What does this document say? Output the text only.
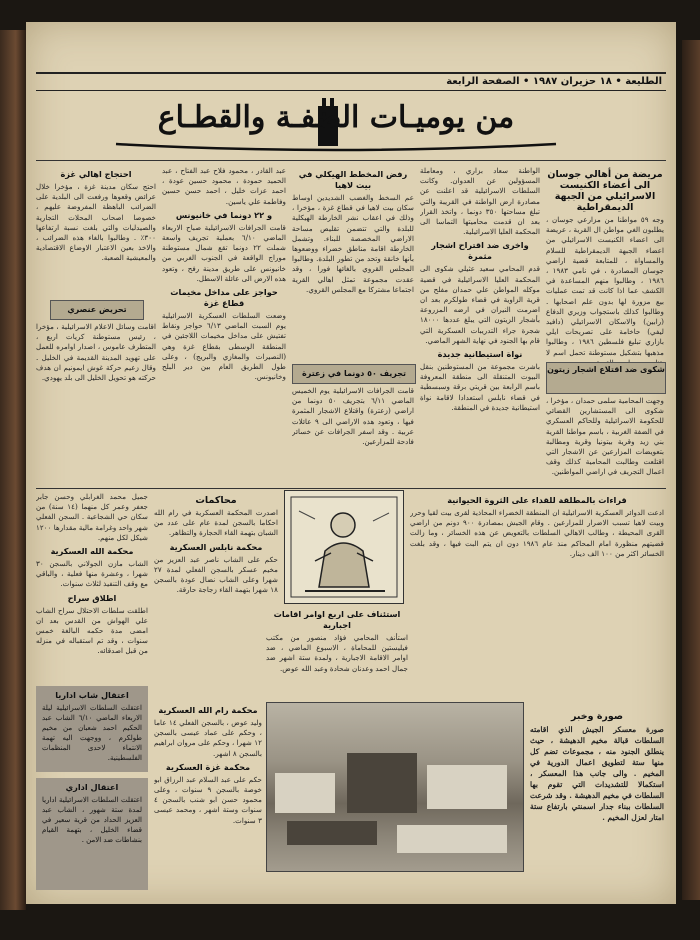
الطليعة • ١٨ حزيران ١٩٨٧ • الصفحة الرابعة
من يوميـات الضفـة والقطـاع
مريضة من أهالي جوسان الى أعضاء الكنيست الاسرائيلي من الجبهة الديمقراطية
وجه ٥٩ مواطنا من مزارعي جوسان ، يطلبون الغي مواطن ال القرية ، عريضة الى اعضاء الكنيست الاسرائيلي من اعضاء الجبهة الديمقراطية للسلام والمساواة ، للمتابعة قضية اراضي جوسان المصادرة ، في نامي ١٩٨٣ ، ١٩٨٦ ، وطالبوا منهم المساعدة في الكشف عما اذا كانت قد تمت عمليات بيع مزورة لها بدون علم اصحابها . وطالبوا كذلك باستجواب وزيري الدفاع (رابين) والاسكان الاسرائيلي (دافيد ليفي) حاخامة على تصريحات ايلي بازاري تبليغ فلسطين ١٩٨٦ ، وطالبوا مذهبها بتشكيل مستوطنة تحمل اسم لا
شكوى ضد اقتلاع اشجار زيتون
وجهت المحامية سلمى حمدان ، مؤخرا ، شكوى الى المستشارين القضائي للحكومة الاسرائيلية وللحاكم العسكري في الضفة الغربية ، باسم مواطنا القرية بني زيد وقرية بيتونيا وقرية ومطالبة بتعويضات المزارعين عن الاشجار التي اقتلعت وطالبت المحامية كذلك وقف اعمال التجريف في اراضي المواطنين.
الواطنة سعاد بزاري ، ومعاملة المسؤولين عن العدوان. وكانت السلطات الاسرائيلية قد اعلنت عن مصادرة ارض الواطنة في القريبة والتي تبلغ مساحتها ٣٥٠ دونما ، واتخذ القرار بعد ان قدمت محاميتها التماسا الى المحكمة العليا الاسرائيلية.
واخرى ضد اقتراح اشجار مثمرة
قدم المحامي سعيد عثيلي شكوى الى المحكمة العليا الاسرائيلية في قضية موكله المواطن علي حمدان مفلح من قرية الزاوية في قضاء طولكرم بعد ان اضرمت النيران في ارضه المزروعة بأشجار الزيتون التي يبلغ عددها ١٨٠٠٠ شجرة جراء التدريبات العسكرية التي قام بها الجنود في نهاية الشهر الماضي.
نواة استيطانية جديدة
باشرت مجموعة من المستوطنين بنقل البيوت المتنقلة الى منطقة المعروفة باسم الرابعة بين قريتي برقة وسبسطية في قضاء نابلس استعدادا لاقامة نواة استيطانية جديدة في المنطقة.
رفض المخطط الهيكلي في بيت لاهيا
عم السخط والغضب الشديدين اوساط سكان بيت لاهيا في قطاع غزة ، مؤخرا ، وذلك في اعقاب نشر الخارطة الهيكلية للبلدة والتي تتضمن تقليص مساحة الاراضي المخصصة للبناء. وتشمل الخارطة اقامة مناطق خضراء ووضعوها بأنها خانقة وتحد من تطور البلدة. وطالبوا المجلس القروي بالغائها فورا ، وقد عقدت مجموعة تمثل اهالي القرية اجتماعا مشتركا مع المجلس القروي.
تجريف ٥٠ دونما في زعترة
قامت الجرافات الاسرائيلية يوم الخميس الماضي ٦/١١ بتجريف ٥٠ دونما من اراضي (زعترة) واقتلاع الاشجار المثمرة فيها ، وتعود هذه الاراضي الى ٩ عائلات عربية . وقد اسفر الجرافات عن خسائر فادحة للمزارعين.
عبد القادر ، محمود فلاح عبد الفتاح ، عبد الحميد حمودة ، محمود حسين عودة ، احمد عزات خليل ، احمد حسن حسين وفاطمة علي ياسين.
و ٢٢ دونما في خانيونس
قامت الجرافات الاسرائيلية صباح الاربعاء الماضي ٦/١٠ بعملية تجريف واسعة شملت ٢٢ دونما تقع شمال مستوطنة موراج الواقعة في الجنوب الغربي من خانيونس على طريق مدينة رفح ، وتعود هذه الارض الى عائلة الاسطل.
حواجز على مداخل مخيمات قطاع غزة
وضعت السلطات العسكرية الاسرائيلية يوم السبت الماضي ٦/١٣ حواجز ونقاط تفتيش على مداخل مخيمات اللاجئين في المنطقة الوسطى بقطاع غزة وهي (النصيرات والمغازي والبريج) ، وعلى طول الطريق العام بين دير البلح وخانيونس.
احتجاج اهالي غزة
احتج سكان مدينة غزة ، مؤخرا خلال عرائض وقعوها ورفعت الى البلدية على الضرائب الباهظة المفروضة عليهم ، خصوصا اصحاب المحلات التجارية والصيدليات والتي بلغت نسبة ارتفاعها ٣٠٠٪ . وطالبوا بالغاء هذه الضرائب ، والاخذ بعين الاعتبار الاوضاع الاقتصادية والمعيشية الصعبة.
تحريض عنصري
اقامت وسائل الاعلام الاسرائيلية ، مؤخرا ، رئيس مستوطنة كريات اربع ، المتطرف عاموس ، اصدار اوامره للعمل على تهويد المدينة القديمة في الخليل . وقال زعيم حركة غوش ايمونيم ان هدف حركته هو تحويل الخليل الى بلد يهودي.
قراءات بالمطلقة للقداء على الثروة الحيوانية
ادعت الدوائر العسكرية الاسرائيلية ان المنطقة الخضراء المحاذية لقرى بيت لقيا وحرر وبيت لاهيا تسبب الاضرار للمزارعين . وقام الجيش بمصادرة ٩٠٠ دونم من اراضي القرى المحيطة ، وطالب الاهالي السلطات بالتعويض عن هذه الخسائر ، وما زالت قضيتهم منظورة امام المحاكم منذ عام ١٩٨٦ دون ان يتم البت فيها ، وقد بلغت الخسائر اكثر من ١٠٠ الف دينار.
صورة وخبر
صورة معسكر الجيش الذي اقامته السلطات قبالة مخيم الدهيشة ، حيث ينطلق الجنود منه ، مجموعات تضم كل منها ستة لتطويق اعمال الدورية في المخيم . والى جانب هذا المعسكر ، استكمالا للتشديدات التي تقوم بها السلطات في مخيم الدهيشة . وقد شرعت السلطات ببناء جدار اسمنتي بارتفاع ستة امتار لعزل المخيم .
استئناف على اربع اوامر اقامات اجبارية
استأنف المحامي فؤاد منصور من مكتب فيليستين للمحاماة ، الاسبوع الماضي ، ضد اوامر الاقامة الاجبارية ، ولمدة ستة اشهر ضد جمال احمد وعدنان شحادة وعبد الله عوض.
محاكمات
اصدرت المحكمة العسكرية في رام الله احكاما بالسجن لمدة عام على عدد من الشبان بتهمة القاء الحجارة والتظاهر.
محكمة نابلس العسكرية
حكم على الشاب ناصر عبد العزيز من مخيم عسكر بالسجن الفعلي لمدة ٢٧ شهرا وعلى الشاب نضال عودة بالسجن ١٨ شهرا بتهمة القاء زجاجة حارقة.
محكمة رام الله العسكرية
وليد عوض ، بالسجن الفعلي ١٤ عاما ، وحكم على عماد عيسى بالسجن ١٢ شهرا ، وحكم على مروان ابراهيم بالسجن ٨ اشهر.
محكمة غزة العسكرية
حكم على عبد السلام عبد الرزاق ابو خوصة بالسجن ٩ سنوات ، وعلى محمود حسن ابو شنب بالسجن ٤ سنوات وستة اشهر ، ومحمد عيسى ٣ سنوات.
جميل محمد الغرابلي وحسن جابر جعفر وعمر كل منهما (١٤ سنة) من سكان حي الشجاعية . السجن الفعلي شهر واحد وغرامة مالية مقدارها ١٢٠٠ شيكل لكل منهم.
محكمة الله العسكرية
الشاب مازن الجولاني بالسجن ٣٠ شهرا ، وعشرة منها فعلية ، والباقي مع وقف التنفيذ لثلاث سنوات.
اطلاق سراح
اطلقت سلطات الاحتلال سراح الشاب علي الهواش من القدس بعد ان امضى مدة حكمه البالغة خمس سنوات ، وقد تم استقباله في منزله من قبل اصدقائه.
اعتقال شاب اداريا
اعتقلت السلطات الاسرائيلية ليلة الاربعاء الماضي ٦/١٠ الشاب عبد الحكيم احمد شعبان من مخيم طولكرم ، ووجهت اليه تهمة الانتماء لاحدى المنظمات الفلسطينية.
اعتقال اداري
اعتقلت السلطات الاسرائيلية اداريا لمدة ستة شهور ، الشاب عبد العزيز الحداد من قرية سعير في قضاء الخليل ، بتهمة القيام بنشاطات ضد الامن .
